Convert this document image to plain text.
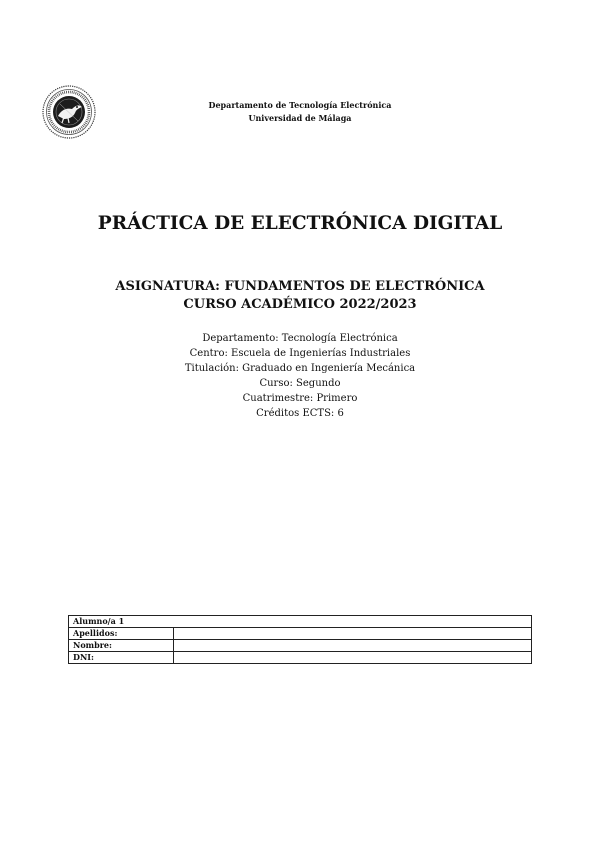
Departamento de Tecnología Electrónica
Universidad de Málaga
PRÁCTICA DE ELECTRÓNICA DIGITAL
ASIGNATURA: FUNDAMENTOS DE ELECTRÓNICA
CURSO ACADÉMICO 2022/2023
Departamento: Tecnología Electrónica
Centro: Escuela de Ingenierías Industriales
Titulación: Graduado en Ingeniería Mecánica
Curso: Segundo
Cuatrimestre: Primero
Créditos ECTS: 6
Alumno/a 1	
Apellidos:	
Nombre:	
DNI:	
